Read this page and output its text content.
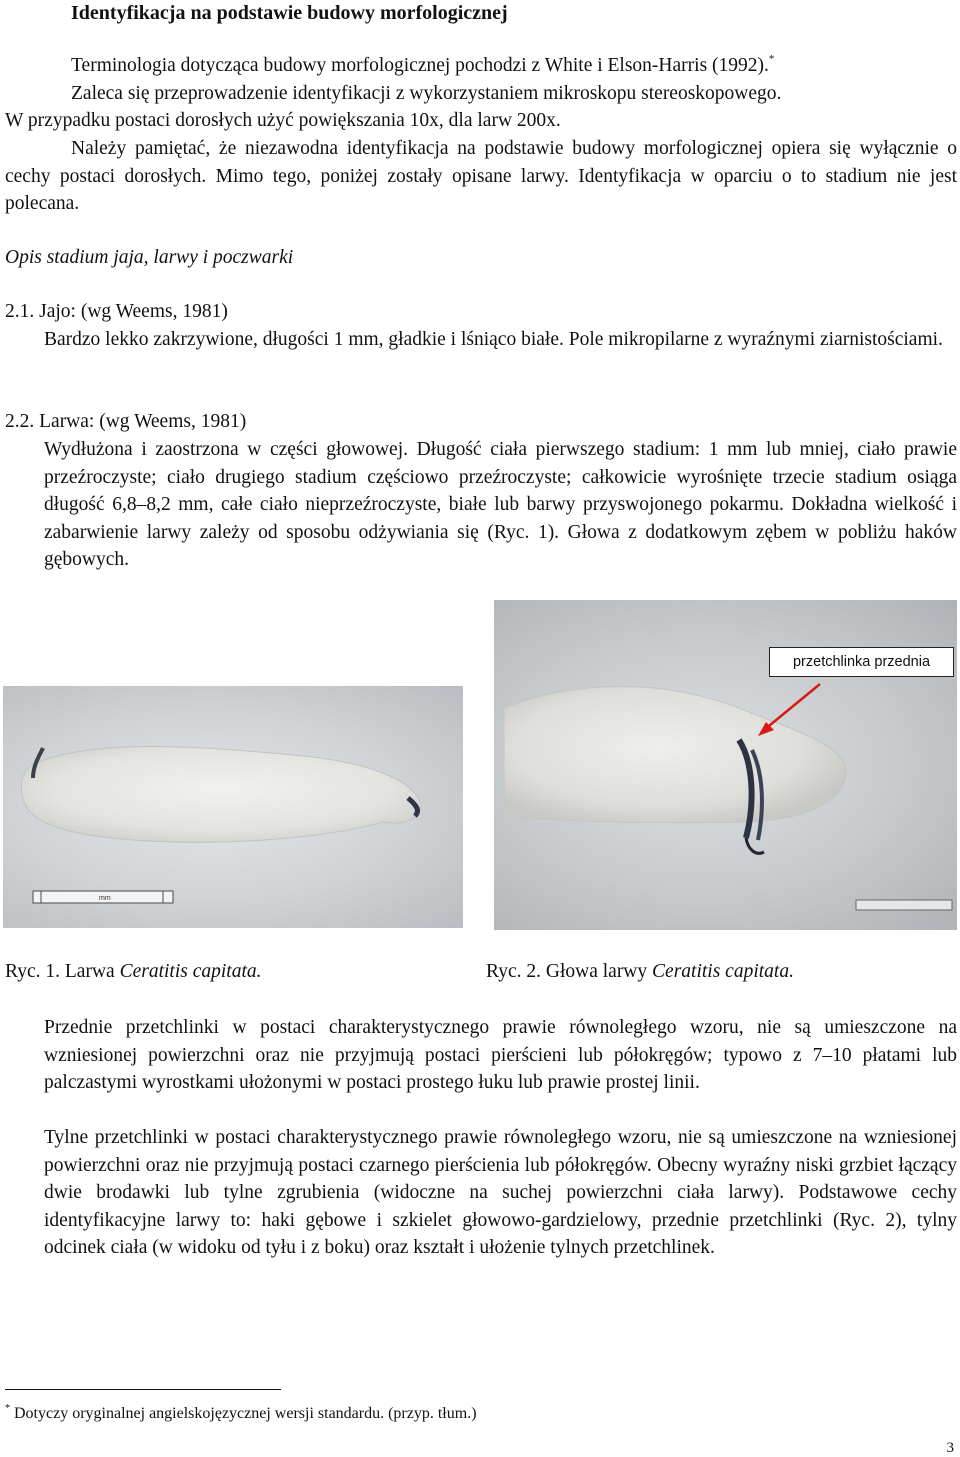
Identyfikacja na podstawie budowy morfologicznej
Terminologia dotycząca budowy morfologicznej pochodzi z White i Elson-Harris (1992).*
Zaleca się przeprowadzenie identyfikacji z wykorzystaniem mikroskopu stereoskopowego.
W przypadku postaci dorosłych użyć powiększania 10x, dla larw 200x.
Należy pamiętać, że niezawodna identyfikacja na podstawie budowy morfologicznej opiera się wyłącznie o cechy postaci dorosłych. Mimo tego, poniżej zostały opisane larwy. Identyfikacja w oparciu o to stadium nie jest polecana.
Opis stadium jaja, larwy i poczwarki
2.1. Jajo: (wg Weems, 1981)
Bardzo lekko zakrzywione, długości 1 mm, gładkie i lśniąco białe. Pole mikropilarne z wyraźnymi ziarnistościami.
2.2. Larwa: (wg Weems, 1981)
Wydłużona i zaostrzona w części głowowej. Długość ciała pierwszego stadium: 1 mm lub mniej, ciało prawie przeźroczyste; ciało drugiego stadium częściowo przeźroczyste; całkowicie wyrośnięte trzecie stadium osiąga długość 6,8–8,2 mm, całe ciało nieprzeźroczyste, białe lub barwy przyswojonego pokarmu. Dokładna wielkość i zabarwienie larwy zależy od sposobu odżywiania się (Ryc. 1). Głowa z dodatkowym zębem w pobliżu haków gębowych.
mm
przetchlinka przednia
Ryc. 1. Larwa Ceratitis capitata.	Ryc. 2. Głowa larwy Ceratitis capitata.
Przednie przetchlinki w postaci charakterystycznego prawie równoległego wzoru, nie są umieszczone na wzniesionej powierzchni oraz nie przyjmują postaci pierścieni lub półokręgów; typowo z 7–10 płatami lub palczastymi wyrostkami ułożonymi w postaci prostego łuku lub prawie prostej linii.
Tylne przetchlinki w postaci charakterystycznego prawie równoległego wzoru, nie są umieszczone na wzniesionej powierzchni oraz nie przyjmują postaci czarnego pierścienia lub półokręgów. Obecny wyraźny niski grzbiet łączący dwie brodawki lub tylne zgrubienia (widoczne na suchej powierzchni ciała larwy). Podstawowe cechy identyfikacyjne larwy to: haki gębowe i szkielet głowowo-gardzielowy, przednie przetchlinki (Ryc. 2), tylny odcinek ciała (w widoku od tyłu i z boku) oraz kształt i ułożenie tylnych przetchlinek.
* Dotyczy oryginalnej angielskojęzycznej wersji standardu. (przyp. tłum.)
3
